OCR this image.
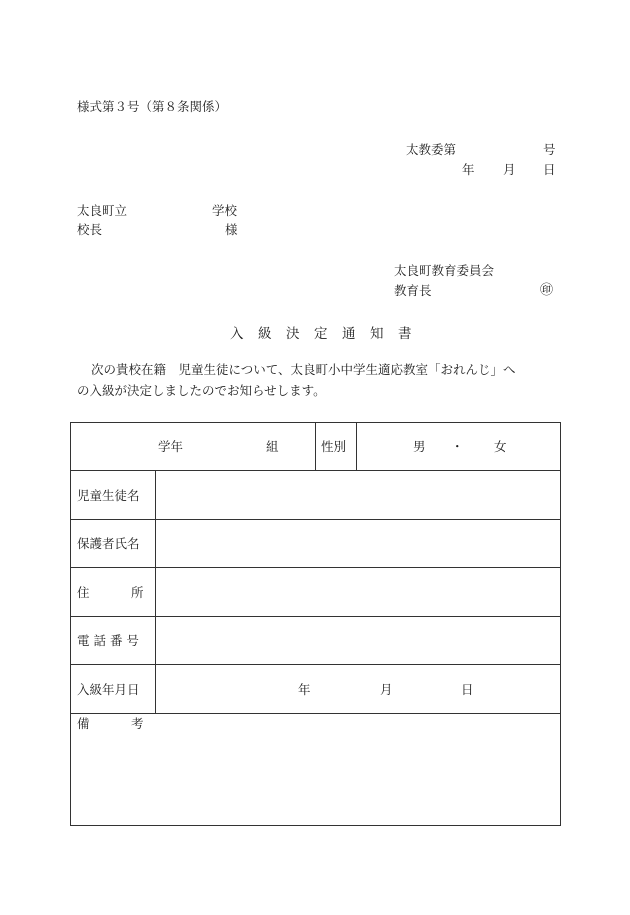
様式第３号（第８条関係）
太教委第	号
年 月 日
太良町立	学校
校長	様
太良町教育委員会
教育長	㊞
入 級 決 定 通 知 書
次の貴校在籍　児童生徒について、太良町小中学生適応教室「おれんじ」へ
の入級が決定しましたのでお知らせします。
学年	組	性別	男 ・ 女
児童生徒名
保護者氏名
住	所
電 話 番 号
入級年月日	年	月	日
備	考
